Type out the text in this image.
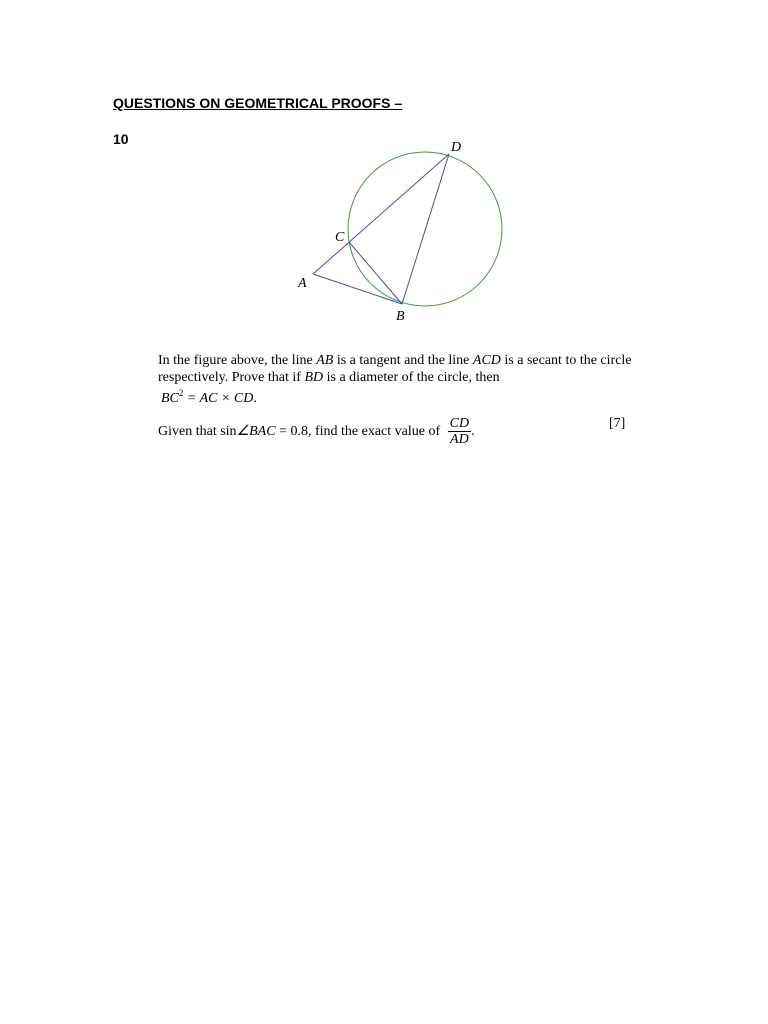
QUESTIONS ON GEOMETRICAL PROOFS –
10
D
C
A
B
In the figure above, the line AB is a tangent and the line ACD is a secant to the circle respectively. Prove that if BD is a diameter of the circle, then
$BC^2$ = AC × CD.
Given that sin∠BAC = 0.8, find the exact value of $\frac{CD}{AD}$ .
[7]
